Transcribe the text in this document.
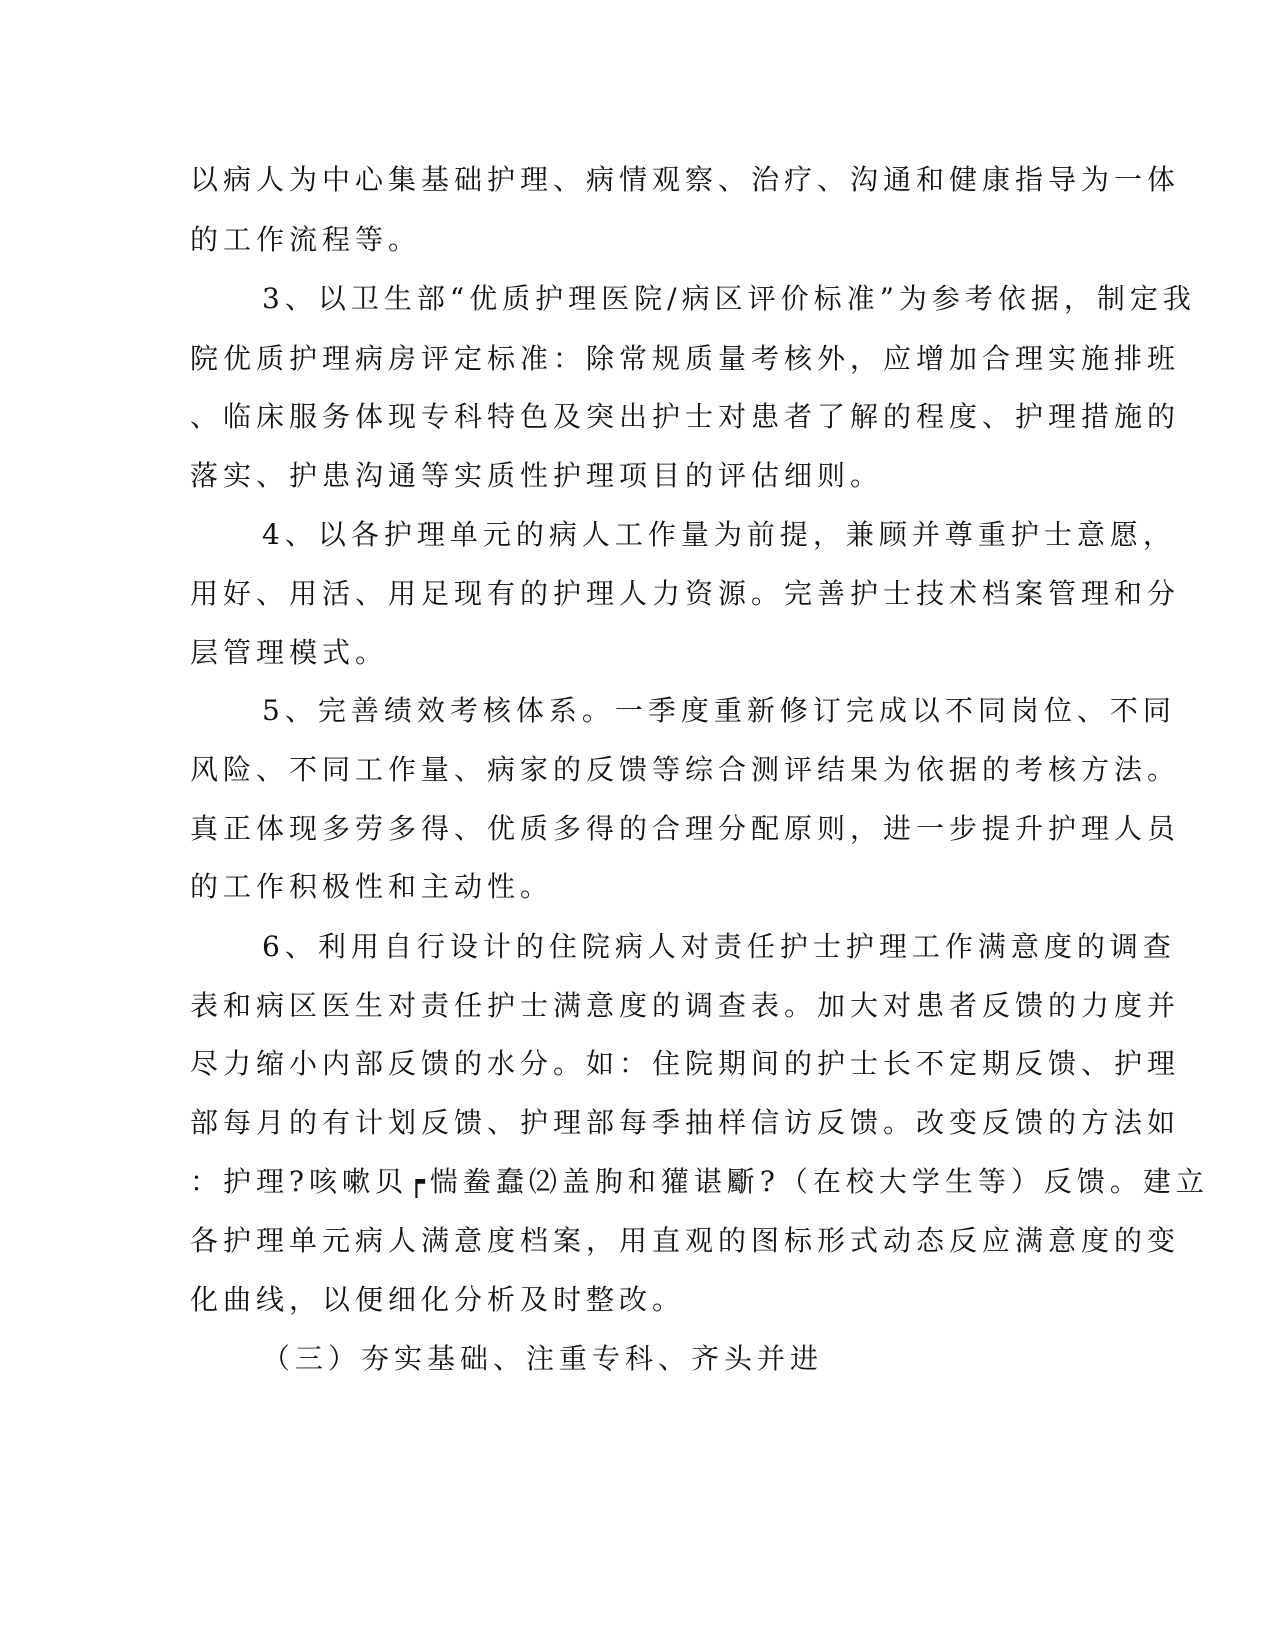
以病人为中心集基础护理、病情观察、治疗、沟通和健康指导为一体

的工作流程等。

3、以卫生部“优质护理医院/病区评价标准”为参考依据，制定我

院优质护理病房评定标准：除常规质量考核外，应增加合理实施排班

、临床服务体现专科特色及突出护士对患者了解的程度、护理措施的

落实、护患沟通等实质性护理项目的评估细则。

4、以各护理单元的病人工作量为前提，兼顾并尊重护士意愿，

用好、用活、用足现有的护理人力资源。完善护士技术档案管理和分

层管理模式。

5、完善绩效考核体系。一季度重新修订完成以不同岗位、不同

风险、不同工作量、病家的反馈等综合测评结果为依据的考核方法。

真正体现多劳多得、优质多得的合理分配原则，进一步提升护理人员

的工作积极性和主动性。

6、利用自行设计的住院病人对责任护士护理工作满意度的调查

表和病区医生对责任护士满意度的调查表。加大对患者反馈的力度并

尽力缩小内部反馈的水分。如：住院期间的护士长不定期反馈、护理

部每月的有计划反馈、护理部每季抽样信访反馈。改变反馈的方法如

：护理?咳嗽贝┍惴鲞蠢⑵盖朐和獾谌斸?（在校大学生等）反馈。建立

各护理单元病人满意度档案，用直观的图标形式动态反应满意度的变

化曲线，以便细化分析及时整改。

（三）夯实基础、注重专科、齐头并进
